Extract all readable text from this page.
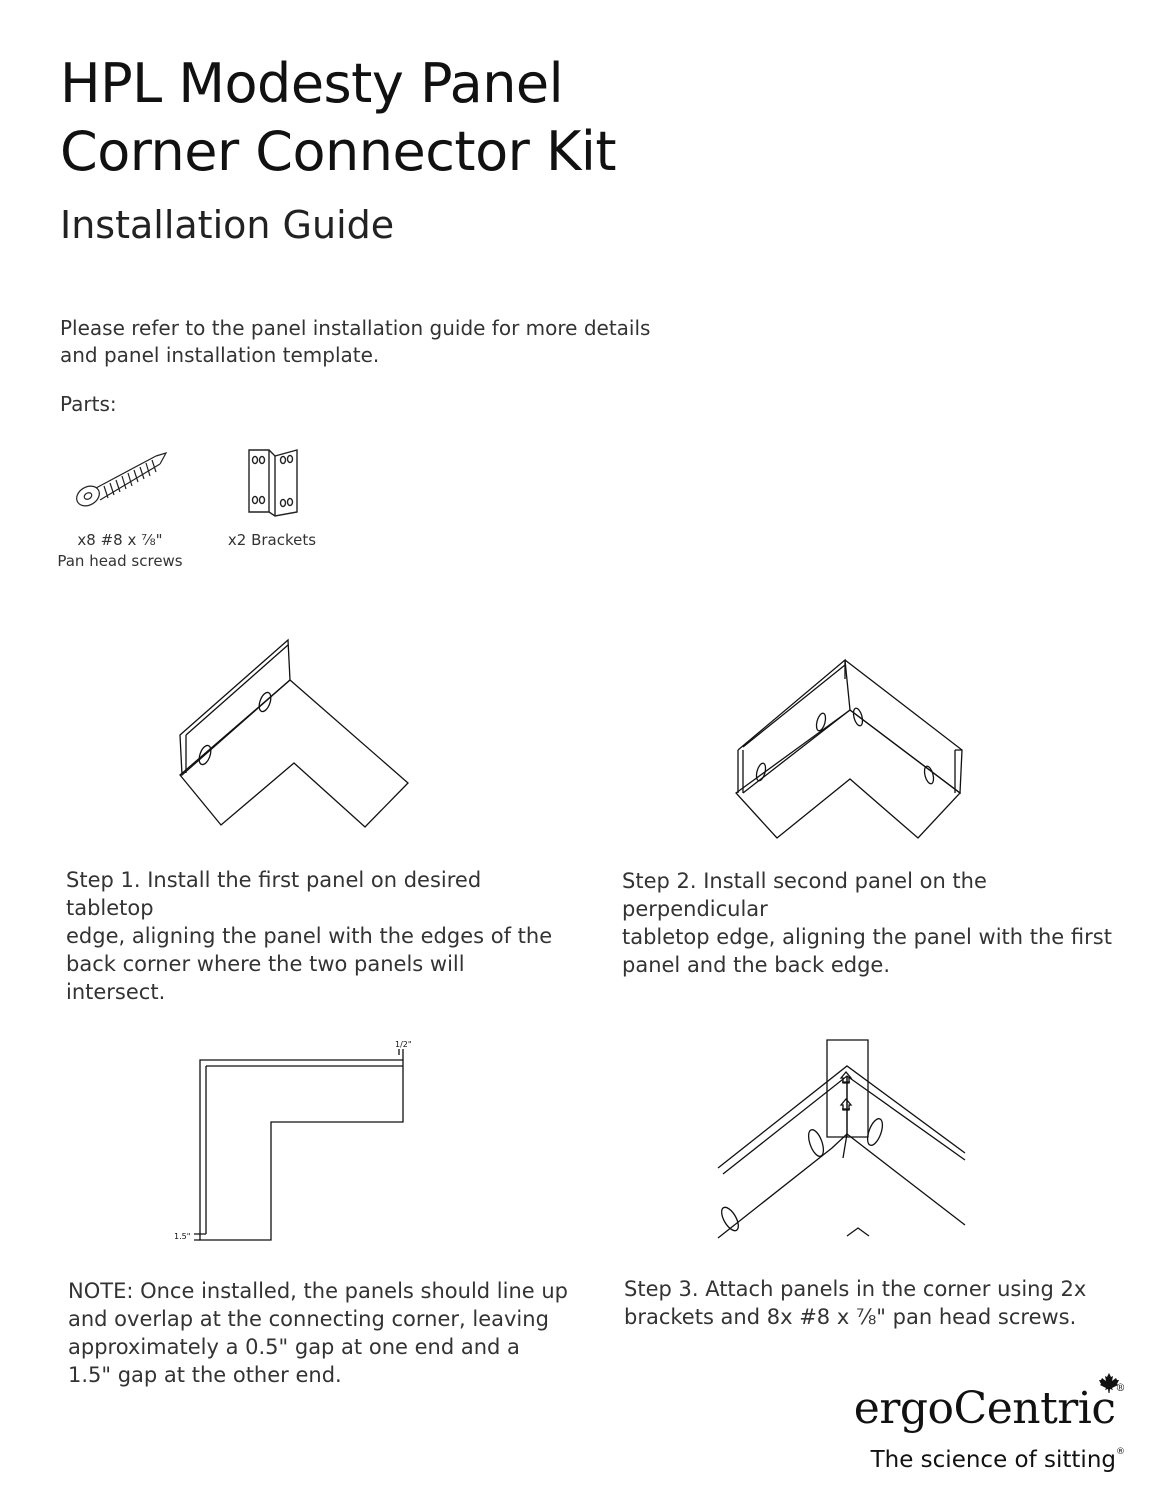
HPL Modesty Panel
Corner Connector Kit
Installation Guide
Please refer to the panel installation guide for more details
and panel installation template.
Parts:
x8 #8 x ⅞"
Pan head screws
x2 Brackets
Step 1. Install the first panel on desired tabletop
edge, aligning the panel with the edges of the
back corner where the two panels will intersect.
Step 2. Install second panel on the perpendicular
tabletop edge, aligning the panel with the first
panel and the back edge.
1/2"
1.5"
NOTE: Once installed, the panels should line up
and overlap at the connecting corner, leaving
approximately a 0.5" gap at one end and a
1.5" gap at the other end.
Step 3. Attach panels in the corner using 2x
brackets and 8x #8 x ⅞" pan head screws.
ergoCentric®
The science of sitting®
